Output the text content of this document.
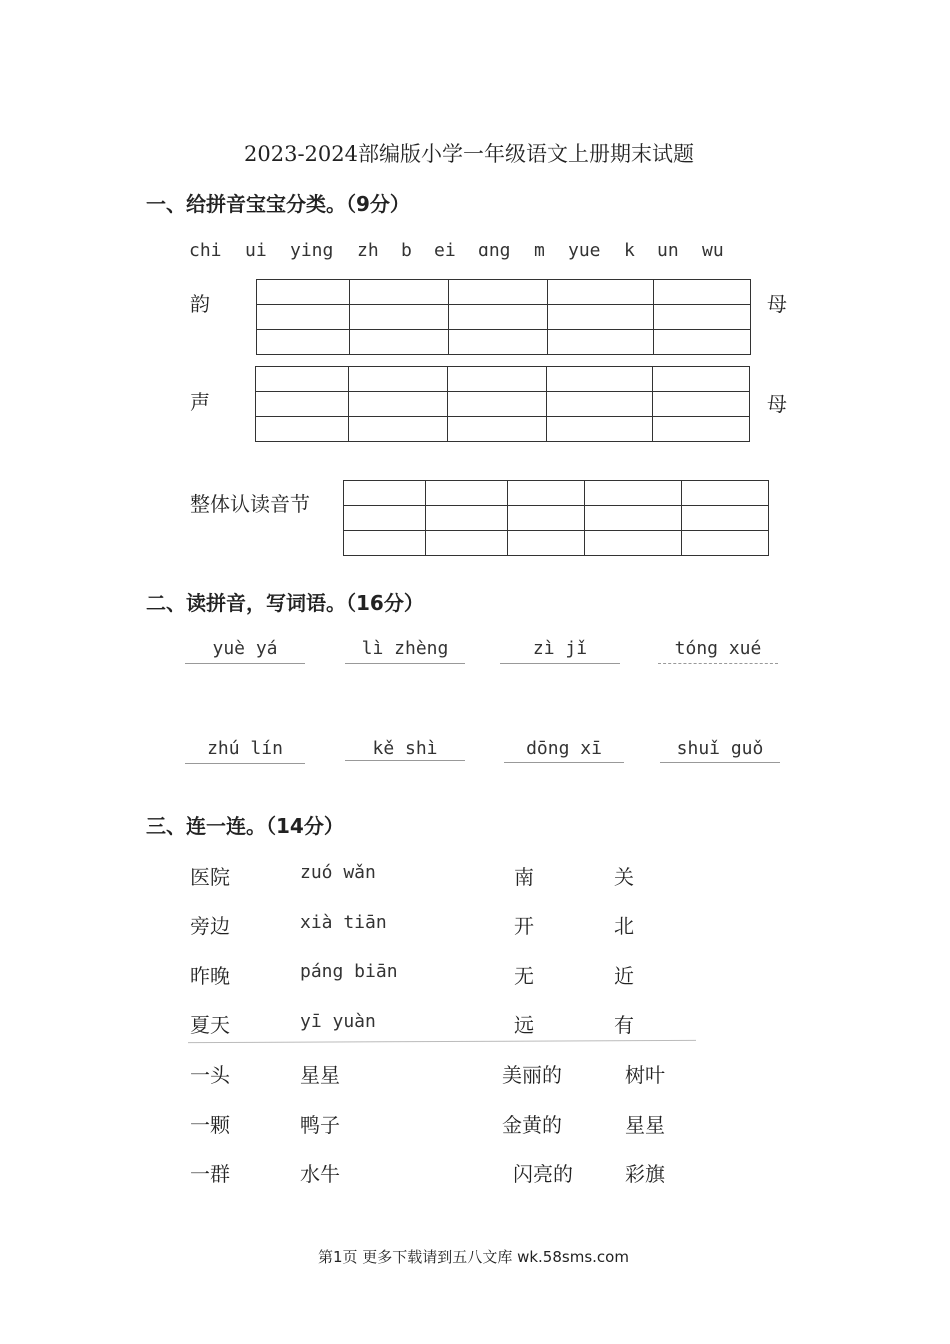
2023-2024部编版小学一年级语文上册期末试题
一、给拼音宝宝分类。（9分）
chi ui ying zh b ei ɑng m yue k un wu
韵	母

声	母

整体认读音节

二、读拼音，写词语。（16分）
yuè yá	lì zhèng	zì jǐ	tóng xué
zhú lín	kě shì	dōng xī	shuǐ guǒ
三、连一连。（14分）
医院	zuó wǎn	南	关
旁边	xià tiān	开	北
昨晚	páng biān	无	近
夏天	yī yuàn	远	有
一头	星星	美丽的	树叶
一颗	鸭子	金黄的	星星
一群	水牛	闪亮的	彩旗
第1页 更多下载请到五八文库 wk.58sms.com
